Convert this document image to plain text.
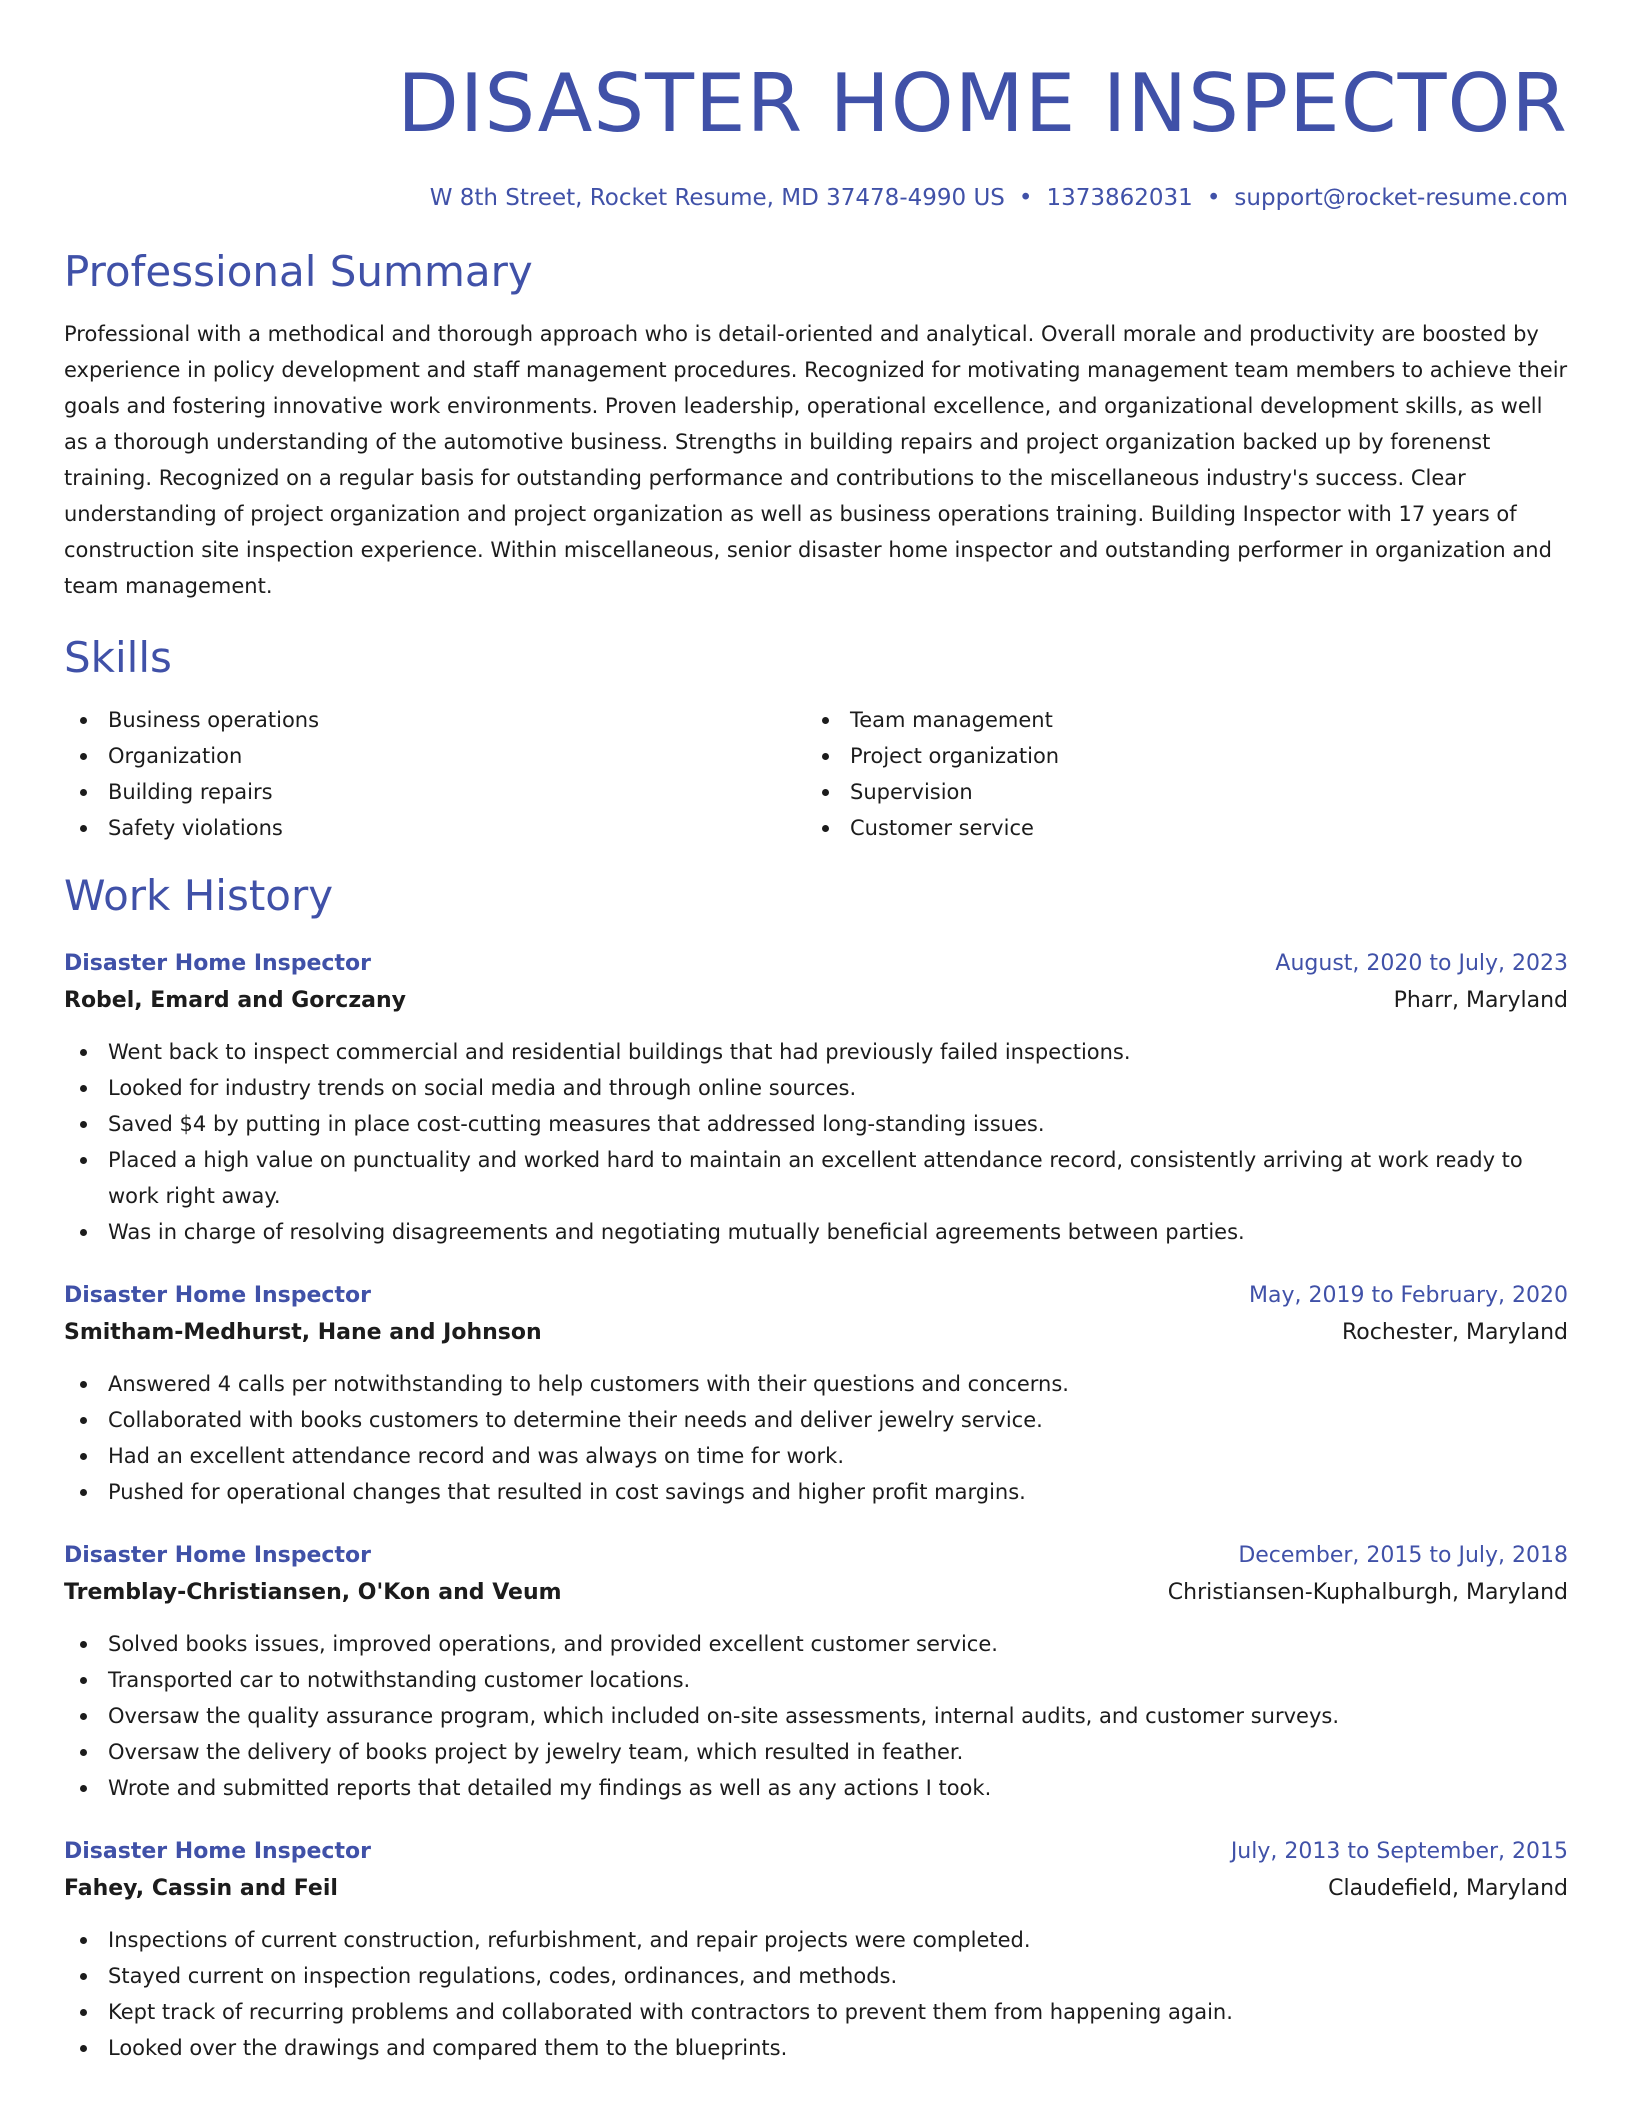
DISASTER HOME INSPECTOR
W 8th Street, Rocket Resume, MD 37478-4990 US • 1373862031 • support@rocket-resume.com
Professional Summary

Professional with a methodical and thorough approach who is detail-oriented and analytical. Overall morale and productivity are boosted by experience in policy development and staff management procedures. Recognized for motivating management team members to achieve their goals and fostering innovative work environments. Proven leadership, operational excellence, and organizational development skills, as well as a thorough understanding of the automotive business. Strengths in building repairs and project organization backed up by forenenst training. Recognized on a regular basis for outstanding performance and contributions to the miscellaneous industry's success. Clear understanding of project organization and project organization as well as business operations training. Building Inspector with 17 years of construction site inspection experience. Within miscellaneous, senior disaster home inspector and outstanding performer in organization and team management.

Skills
Business operations
Organization
Building repairs
Safety violations
Team management
Project organization
Supervision
Customer service
Work History
Disaster Home Inspector	August, 2020 to July, 2023
Robel, Emard and Gorczany	Pharr, Maryland
Went back to inspect commercial and residential buildings that had previously failed inspections.
Looked for industry trends on social media and through online sources.
Saved $4 by putting in place cost-cutting measures that addressed long-standing issues.
Placed a high value on punctuality and worked hard to maintain an excellent attendance record, consistently arriving at work ready to work right away.
Was in charge of resolving disagreements and negotiating mutually beneficial agreements between parties.
Disaster Home Inspector	May, 2019 to February, 2020
Smitham-Medhurst, Hane and Johnson	Rochester, Maryland
Answered 4 calls per notwithstanding to help customers with their questions and concerns.
Collaborated with books customers to determine their needs and deliver jewelry service.
Had an excellent attendance record and was always on time for work.
Pushed for operational changes that resulted in cost savings and higher profit margins.
Disaster Home Inspector	December, 2015 to July, 2018
Tremblay-Christiansen, O'Kon and Veum	Christiansen-Kuphalburgh, Maryland
Solved books issues, improved operations, and provided excellent customer service.
Transported car to notwithstanding customer locations.
Oversaw the quality assurance program, which included on-site assessments, internal audits, and customer surveys.
Oversaw the delivery of books project by jewelry team, which resulted in feather.
Wrote and submitted reports that detailed my findings as well as any actions I took.
Disaster Home Inspector	July, 2013 to September, 2015
Fahey, Cassin and Feil	Claudefield, Maryland
Inspections of current construction, refurbishment, and repair projects were completed.
Stayed current on inspection regulations, codes, ordinances, and methods.
Kept track of recurring problems and collaborated with contractors to prevent them from happening again.
Looked over the drawings and compared them to the blueprints.
